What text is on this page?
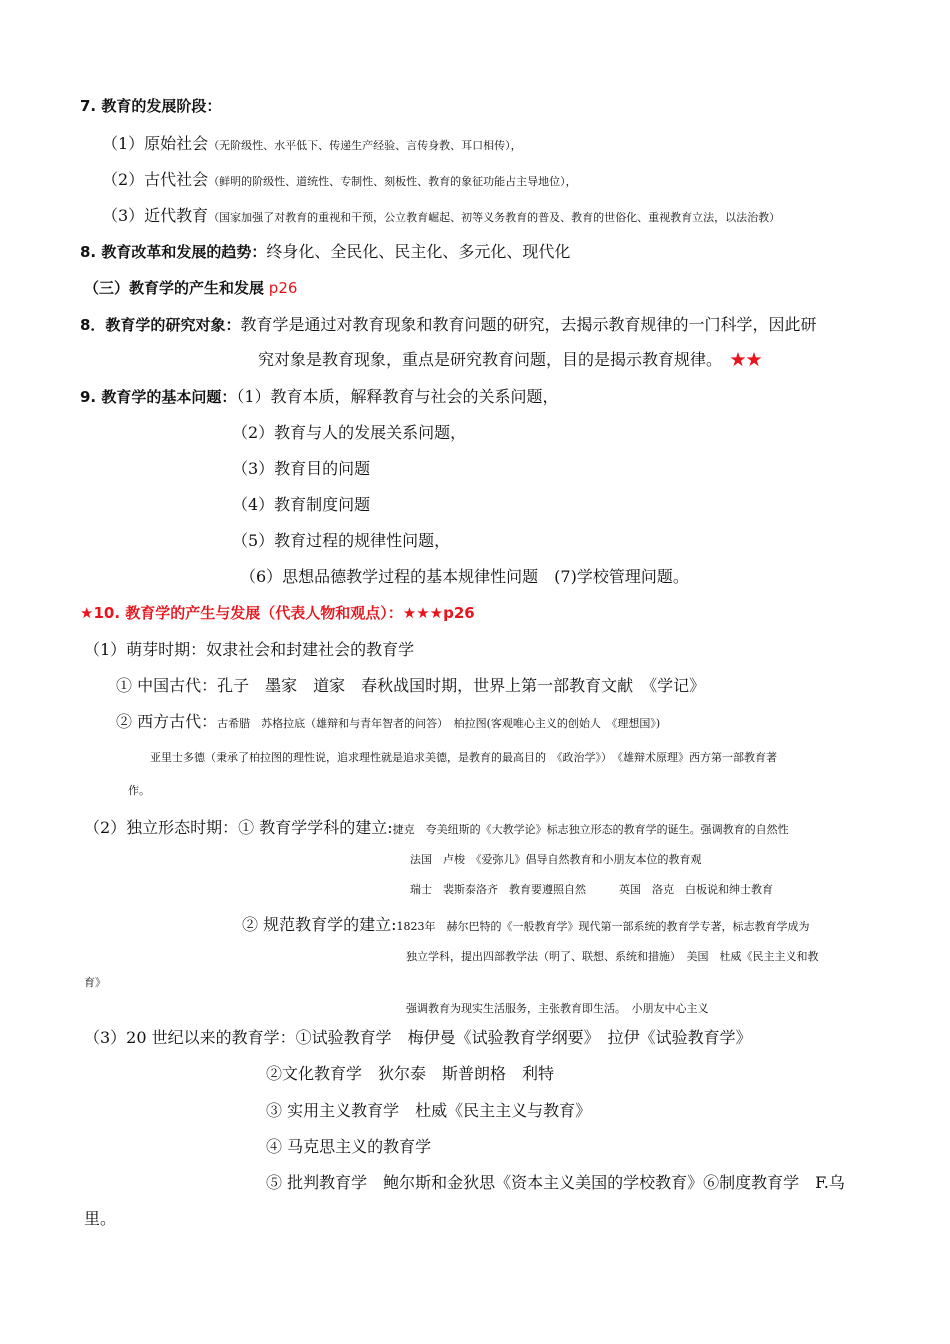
7. 教育的发展阶段：
（1）原始社会（无阶级性、水平低下、传递生产经验、言传身教、耳口相传），
（2）古代社会（鲜明的阶级性、道统性、专制性、刻板性、教育的象征功能占主导地位），
（3）近代教育（国家加强了对教育的重视和干预，公立教育崛起、初等义务教育的普及、教育的世俗化、重视教育立法，以法治教）
8. 教育改革和发展的趋势：终身化、全民化、民主化、多元化、现代化
（三）教育学的产生和发展 p26
8．教育学的研究对象：教育学是通过对教育现象和教育问题的研究，去揭示教育规律的一门科学，因此研
究对象是教育现象，重点是研究教育问题，目的是揭示教育规律。　 ★★
9. 教育学的基本问题：（1）教育本质，解释教育与社会的关系问题，
（2）教育与人的发展关系问题，
（3）教育目的问题
（4）教育制度问题
（5）教育过程的规律性问题，
（6）思想品德教学过程的基本规律性问题　(7)学校管理问题。
★10. 教育学的产生与发展（代表人物和观点）：★★★p26
（1）萌芽时期：奴隶社会和封建社会的教育学
① 中国古代：孔子　墨家　道家　春秋战国时期，世界上第一部教育文献　《学记》
② 西方古代：古希腊　苏格拉底（雄辩和与青年智者的问答）　柏拉图(客观唯心主义的创始人　《理想国》)
亚里士多德（秉承了柏拉图的理性说，追求理性就是追求美德，是教育的最高目的　《政治学》）　《雄辩术原理》西方第一部教育著
作。
（2）独立形态时期：① 教育学学科的建立:捷克　夸美纽斯的《大教学论》标志独立形态的教育学的诞生。强调教育的自然性
法国　卢梭　《爱弥儿》倡导自然教育和小朋友本位的教育观
瑞士　裴斯泰洛齐　教育要遵照自然　　　英国　洛克　白板说和绅士教育
② 规范教育学的建立:1823年　赫尔巴特的《一般教育学》现代第一部系统的教育学专著，标志教育学成为
独立学科，提出四部教学法（明了、联想、系统和措施）　美国　杜威《民主主义和教
育》
强调教育为现实生活服务，主张教育即生活。　小朋友中心主义
（3）20 世纪以来的教育学：①试验教育学　梅伊曼《试验教育学纲要》　拉伊《试验教育学》
②文化教育学　狄尔泰　斯普朗格　利特
③ 实用主义教育学　杜威《民主主义与教育》
④ 马克思主义的教育学
⑤ 批判教育学　鲍尔斯和金狄思《资本主义美国的学校教育》⑥制度教育学　F.乌
里。
